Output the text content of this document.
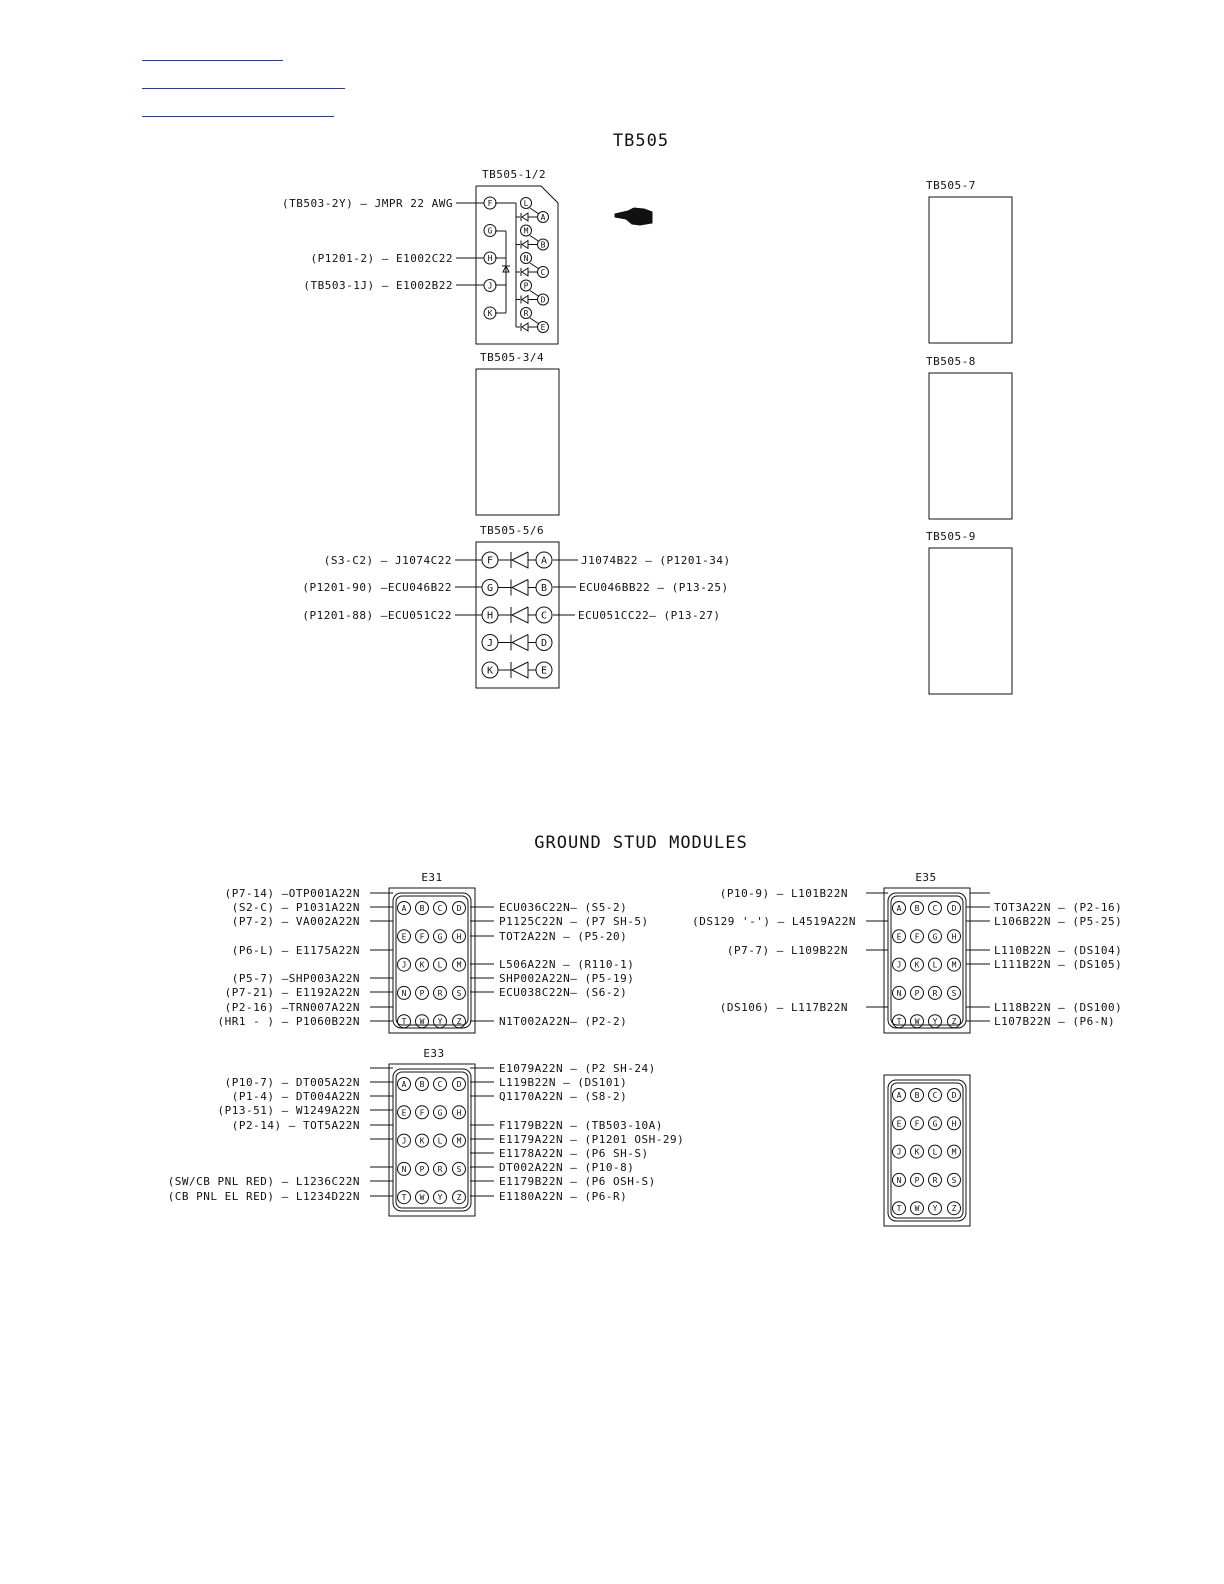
TB505
GROUND STUD MODULES
TB505-1/2
F
G
H
J
K
L
A
M
B
N
C
P
D
R
E
(TB503-2Y) — JMPR 22 AWG
(P1201-2) — E1002C22
(TB503-1J) — E1002B22
TB505-3/4
TB505-5/6
F	A
G	B
H	C
J	D
K	E
(S3-C2) — J1074C22
(P1201-90) —ECU046B22
(P1201-88) —ECU051C22
J1074B22 — (P1201-34)
ECU046BB22 — (P13-25)
ECU051CC22— (P13-27)
TB505-7
TB505-8
TB505-9
E31
A B C D
E F G H
J K L M
N P R S
T W Y Z
E35
A B C D
E F G H
J K L M
N P R S
T W Y Z
E33
A B C D
E F G H
J K L M
N P R S
T W Y Z
A B C D
E F G H
J K L M
N P R S
T W Y Z
(P7-14) —OTP001A22N
(S2-C) — P1031A22N
(P7-2) — VA002A22N
(P6-L) — E1175A22N
(P5-7) —SHP003A22N
(P7-21) — E1192A22N
(P2-16) —TRN007A22N
(HR1 - ) — P1060B22N
ECU036C22N— (S5-2)
P1125C22N — (P7 SH-5)
TOT2A22N — (P5-20)
L506A22N — (R110-1)
SHP002A22N— (P5-19)
ECU038C22N— (S6-2)
N1T002A22N— (P2-2)
(P10-9) — L101B22N
(DS129 '-') — L4519A22N
(P7-7) — L109B22N
(DS106) — L117B22N
TOT3A22N — (P2-16)
L106B22N — (P5-25)
L110B22N — (DS104)
L111B22N — (DS105)
L118B22N — (DS100)
L107B22N — (P6-N)
(P10-7) — DT005A22N
(P1-4) — DT004A22N
(P13-51) — W1249A22N
(P2-14) — TOT5A22N
(SW/CB PNL RED) — L1236C22N
(CB PNL EL RED) — L1234D22N
E1079A22N — (P2 SH-24)
L119B22N — (DS101)
Q1170A22N — (S8-2)
F1179B22N — (TB503-10A)
E1179A22N — (P1201 OSH-29)
E1178A22N — (P6 SH-S)
DT002A22N — (P10-8)
E1179B22N — (P6 OSH-S)
E1180A22N — (P6-R)
